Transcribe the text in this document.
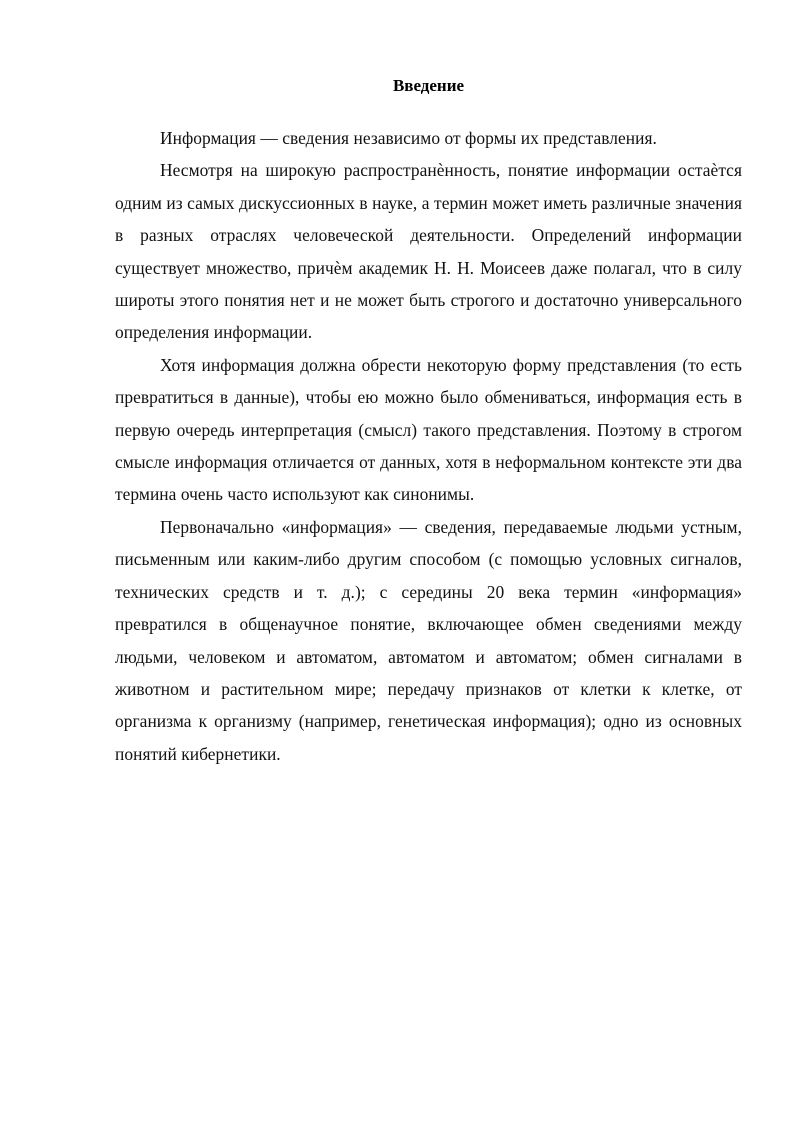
Введение

Информация — сведения независимо от формы их представления.

Несмотря на широкую распространѐнность, понятие информации остаѐтся одним из самых дискуссионных в науке, а термин может иметь различные значения в разных отраслях человеческой деятельности. Определений информации существует множество, причѐм академик Н. Н. Моисеев даже полагал, что в силу широты этого понятия нет и не может быть строгого и достаточно универсального определения информации.

Хотя информация должна обрести некоторую форму представления (то есть превратиться в данные), чтобы ею можно было обмениваться, информация есть в первую очередь интерпретация (смысл) такого представления. Поэтому в строгом смысле информация отличается от данных, хотя в неформальном контексте эти два термина очень часто используют как синонимы.

Первоначально «информация» — сведения, передаваемые людьми устным, письменным или каким-либо другим способом (с помощью условных сигналов, технических средств и т. д.); с середины 20 века термин «информация» превратился в общенаучное понятие, включающее обмен сведениями между людьми, человеком и автоматом, автоматом и автоматом; обмен сигналами в животном и растительном мире; передачу признаков от клетки к клетке, от организма к организму (например, генетическая информация); одно из основных понятий кибернетики.
